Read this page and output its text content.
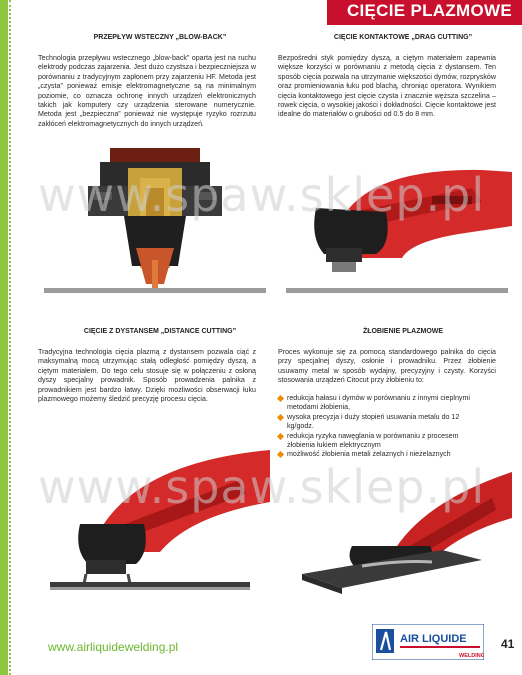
CIĘCIE PLAZMOWE
PRZEPŁYW WSTECZNY „BLOW-BACK”

Technologia przepływu wstecznego „blow-back” oparta jest na ruchu elektrody podczas zajarzenia. Jest dużo czystsza i bezpieczniejsza w porównaniu z tradycyjnym zapłonem przy zajarzeniu HF. Metoda jest „czysta” ponieważ emisje elektromagnetyczne są na minimalnym poziomie, co oznacza ochronę innych urządzeń elektronicznych takich jak komputery czy urządzenia sterowane numerycznie. Metoda jest „bezpieczna” ponieważ nie występuje ryzyko rozrzutu zakłóceń elektromagnetycznych do innych urządzeń.

CIĘCIE KONTAKTOWE „DRAG CUTTING”

Bezpośredni styk pomiędzy dyszą, a ciętym materiałem zapewnia większe korzyści w porównaniu z metodą cięcia z dystansem. Ten sposób cięcia pozwala na utrzymanie większości dymów, rozpryskόw oraz promieniowania łuku pod blachą, chroniąc operatora. Wynikiem cięcia kontaktowego jest cięcie czysta i znacznie węższa szczelina – rowek cięcia, o wysokiej jakości i dokładności. Cięcie kontaktowe jest idealne do materiałów o grubości od 0.5 do 8 mm.

www.spaw.sklep.pl
CIĘCIE Z DYSTANSEM „DISTANCE CUTTING”

Tradycyjna technologia cięcia plazmą z dystansem pozwala ciąć z maksymalną mocą utrzymując stałą odległość pomiędzy dyszą, a ciętym materiałem. Do tego celu stosuje się w połączeniu z osłoną dyszy specjalny prowadnik. Sposób prowadzenia palnika z prowadnikiem jest bardzo łatwy. Dzięki możliwości obserwacji łuku plazmowego możemy śledzić precyzję procesu cięcia.

ŻŁOBIENIE PLAZMOWE

Proces wykonuje się za pomocą standardowego palnika do cięcia przy specjalnej dyszy, osłonie i prowadniku. Przez żłobienie usuwamy metal w sposób wydajny, precyzyjny i czysty. Korzyści stosowania urządzeń Citocut przy żłobieniu to:

redukcja hałasu i dymów w porównaniu z innymi cieplnymi metodami żłobienia,
wysoka precyzja i duży stopień usuwania metalu do 12 kg/godz.
redukcja ryzyka nawęglania w porównaniu z procesem żłobienia łukiem elektrycznym
możliwość żłobienia metali żelaznych i nieżelaznych
www.spaw.sklep.pl
www.airliquidewelding.pl
AIR LIQUIDE
WELDING
41
